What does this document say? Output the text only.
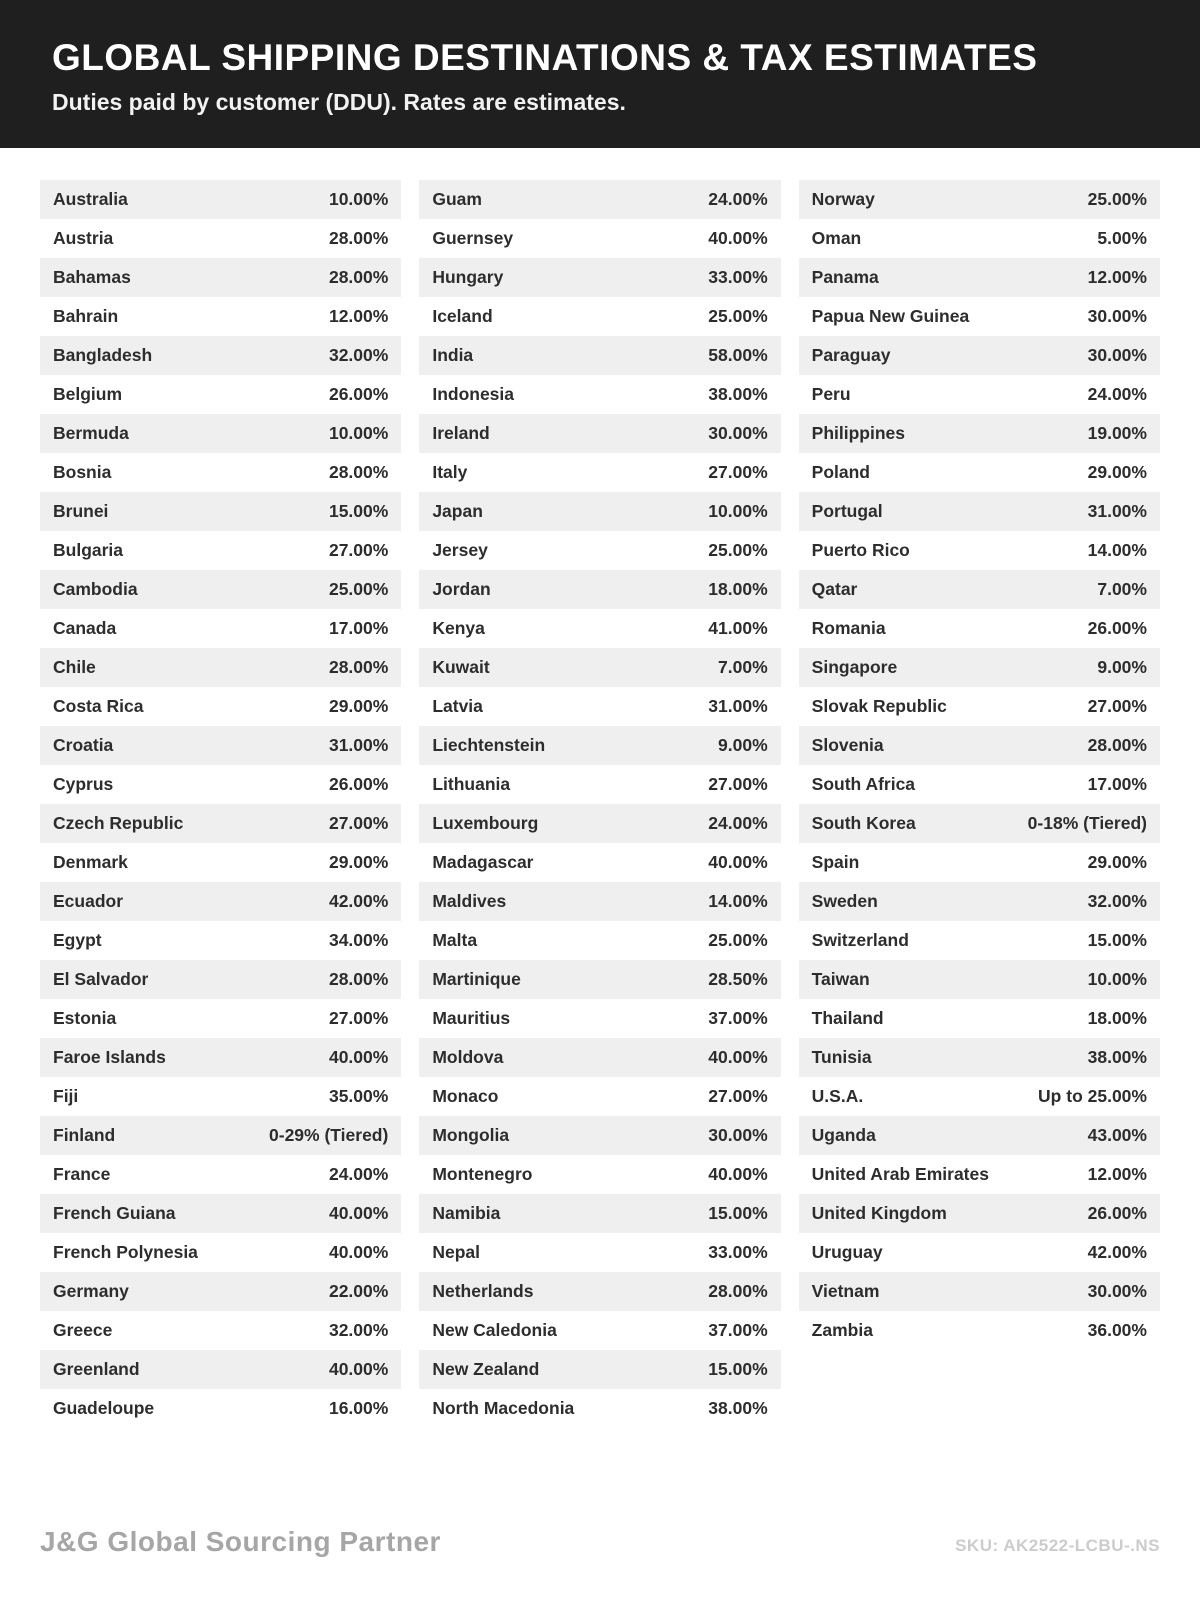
GLOBAL SHIPPING DESTINATIONS & TAX ESTIMATES
Duties paid by customer (DDU). Rates are estimates.
Australia	10.00%
Austria	28.00%
Bahamas	28.00%
Bahrain	12.00%
Bangladesh	32.00%
Belgium	26.00%
Bermuda	10.00%
Bosnia	28.00%
Brunei	15.00%
Bulgaria	27.00%
Cambodia	25.00%
Canada	17.00%
Chile	28.00%
Costa Rica	29.00%
Croatia	31.00%
Cyprus	26.00%
Czech Republic	27.00%
Denmark	29.00%
Ecuador	42.00%
Egypt	34.00%
El Salvador	28.00%
Estonia	27.00%
Faroe Islands	40.00%
Fiji	35.00%
Finland	0-29% (Tiered)
France	24.00%
French Guiana	40.00%
French Polynesia	40.00%
Germany	22.00%
Greece	32.00%
Greenland	40.00%
Guadeloupe	16.00%
Guam	24.00%
Guernsey	40.00%
Hungary	33.00%
Iceland	25.00%
India	58.00%
Indonesia	38.00%
Ireland	30.00%
Italy	27.00%
Japan	10.00%
Jersey	25.00%
Jordan	18.00%
Kenya	41.00%
Kuwait	7.00%
Latvia	31.00%
Liechtenstein	9.00%
Lithuania	27.00%
Luxembourg	24.00%
Madagascar	40.00%
Maldives	14.00%
Malta	25.00%
Martinique	28.50%
Mauritius	37.00%
Moldova	40.00%
Monaco	27.00%
Mongolia	30.00%
Montenegro	40.00%
Namibia	15.00%
Nepal	33.00%
Netherlands	28.00%
New Caledonia	37.00%
New Zealand	15.00%
North Macedonia	38.00%
Norway	25.00%
Oman	5.00%
Panama	12.00%
Papua New Guinea	30.00%
Paraguay	30.00%
Peru	24.00%
Philippines	19.00%
Poland	29.00%
Portugal	31.00%
Puerto Rico	14.00%
Qatar	7.00%
Romania	26.00%
Singapore	9.00%
Slovak Republic	27.00%
Slovenia	28.00%
South Africa	17.00%
South Korea	0-18% (Tiered)
Spain	29.00%
Sweden	32.00%
Switzerland	15.00%
Taiwan	10.00%
Thailand	18.00%
Tunisia	38.00%
U.S.A.	Up to 25.00%
Uganda	43.00%
United Arab Emirates	12.00%
United Kingdom	26.00%
Uruguay	42.00%
Vietnam	30.00%
Zambia	36.00%
J&G Global Sourcing Partner	SKU: AK2522-LCBU-.NS
